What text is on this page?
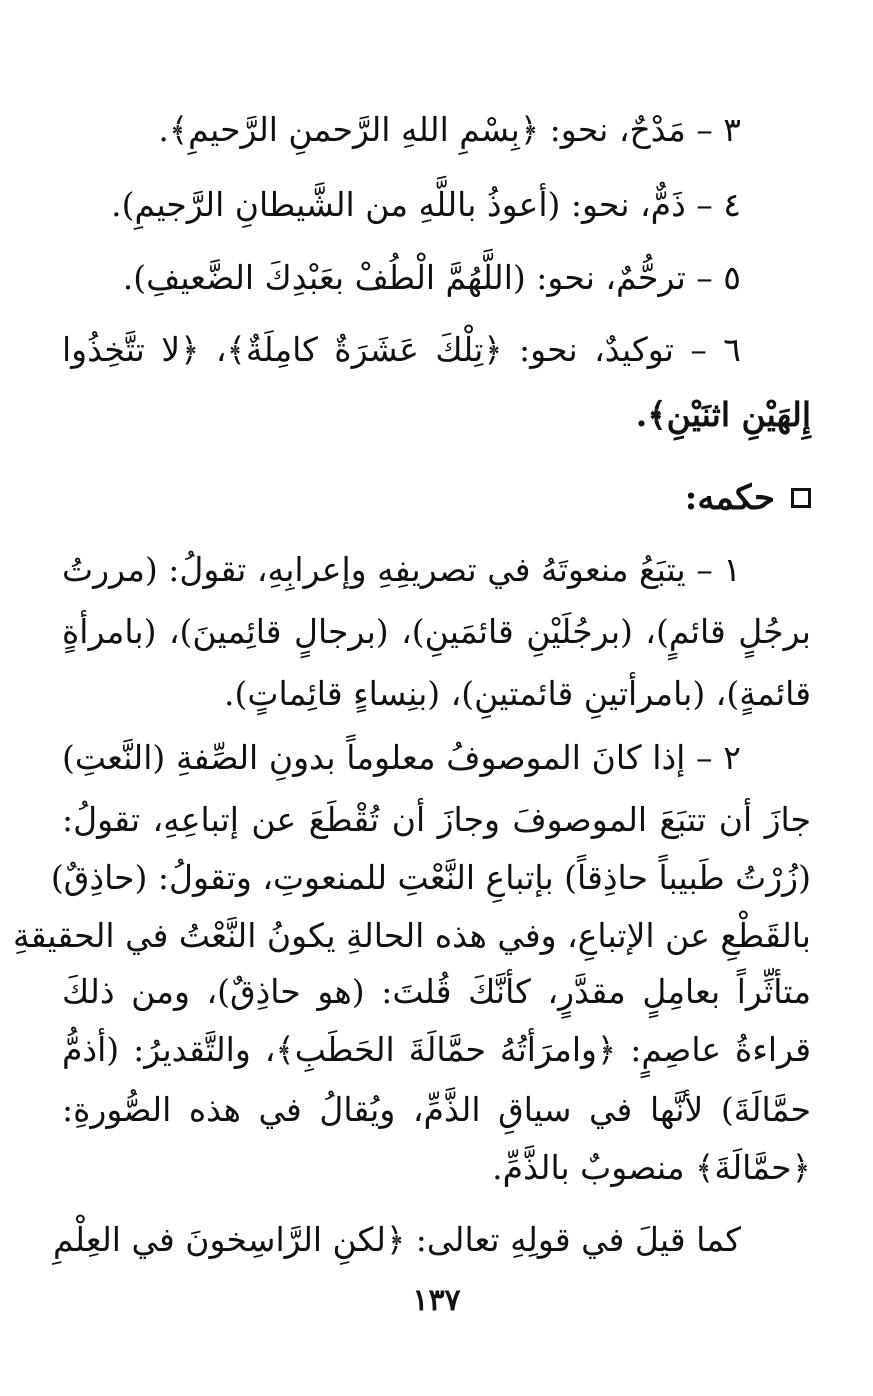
٣ – مَدْحٌ، نحو: ﴿بِسْمِ اللهِ الرَّحمنِ الرَّحيمِ﴾.
٤ – ذَمٌّ، نحو: (أعوذُ باللَّهِ من الشَّيطانِ الرَّجيمِ).
٥ – ترحُّمٌ، نحو: (اللَّهُمَّ الْطُفْ بعَبْدِكَ الضَّعيفِ).
٦ – توكيدٌ، نحو: ﴿تِلْكَ عَشَرَةٌ كامِلَةٌ﴾، ﴿لا تتَّخِذُوا
إِلهَيْنِ اثنَيْنِ﴾.
حكمه:
١ – يتبَعُ منعوتَهُ في تصريفِهِ وإعرابِهِ، تقولُ: (مررتُ
برجُلٍ قائمٍ)، (برجُلَيْنِ قائمَينِ)، (برجالٍ قائِمينَ)، (بامرأةٍ
قائمةٍ)، (بامرأتينِ قائمتينِ)، (بنِساءٍ قائِماتٍ).
٢ – إذا كانَ الموصوفُ معلوماً بدونِ الصِّفةِ (النَّعتِ)
جازَ أن تتبَعَ الموصوفَ وجازَ أن تُقْطَعَ عن إتباعِهِ، تقولُ:
(زُرْتُ طَبيباً حاذِقاً) بإتباعِ النَّعْتِ للمنعوتِ، وتقولُ: (حاذِقٌ)
بالقَطْعِ عن الإتباعِ، وفي هذه الحالةِ يكونُ النَّعْتُ في الحقيقةِ
متأثِّراً بعامِلٍ مقدَّرٍ، كأنَّكَ قُلتَ: (هو حاذِقٌ)، ومن ذلكَ
قراءةُ عاصِمٍ: ﴿وامرَأتُهُ حمَّالَةَ الحَطَبِ﴾، والتَّقديرُ: (أذمُّ
حمَّالَةَ) لأنَّها في سياقِ الذَّمِّ، ويُقالُ في هذه الصُّورةِ:
﴿حمَّالَةَ﴾ منصوبٌ بالذَّمِّ.
كما قيلَ في قولِهِ تعالى: ﴿لكنِ الرَّاسِخونَ في العِلْمِ
١٣٧
